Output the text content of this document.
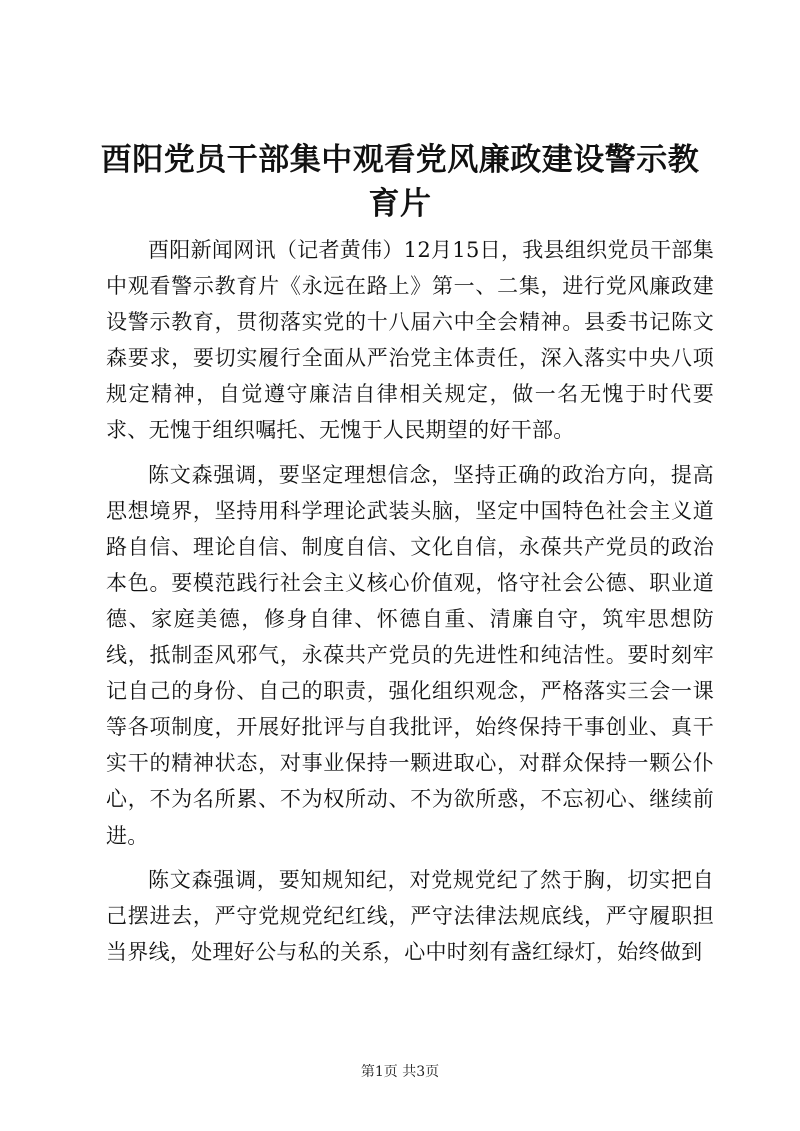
酉阳党员干部集中观看党风廉政建设警示教育片

酉阳新闻网讯（记者黄伟）12月15日，我县组织党员干部集中观看警示教育片《永远在路上》第一、二集，进行党风廉政建设警示教育，贯彻落实党的十八届六中全会精神。县委书记陈文森要求，要切实履行全面从严治党主体责任，深入落实中央八项规定精神，自觉遵守廉洁自律相关规定，做一名无愧于时代要求、无愧于组织嘱托、无愧于人民期望的好干部。

陈文森强调，要坚定理想信念，坚持正确的政治方向，提高思想境界，坚持用科学理论武装头脑，坚定中国特色社会主义道路自信、理论自信、制度自信、文化自信，永葆共产党员的政治本色。要模范践行社会主义核心价值观，恪守社会公德、职业道德、家庭美德，修身自律、怀德自重、清廉自守，筑牢思想防线，抵制歪风邪气，永葆共产党员的先进性和纯洁性。要时刻牢记自己的身份、自己的职责，强化组织观念，严格落实三会一课等各项制度，开展好批评与自我批评，始终保持干事创业、真干实干的精神状态，对事业保持一颗进取心，对群众保持一颗公仆心，不为名所累、不为权所动、不为欲所惑，不忘初心、继续前进。

陈文森强调，要知规知纪，对党规党纪了然于胸，切实把自己摆进去，严守党规党纪红线，严守法律法规底线，严守履职担当界线，处理好公与私的关系，心中时刻有盏红绿灯，始终做到

第1页 共3页
